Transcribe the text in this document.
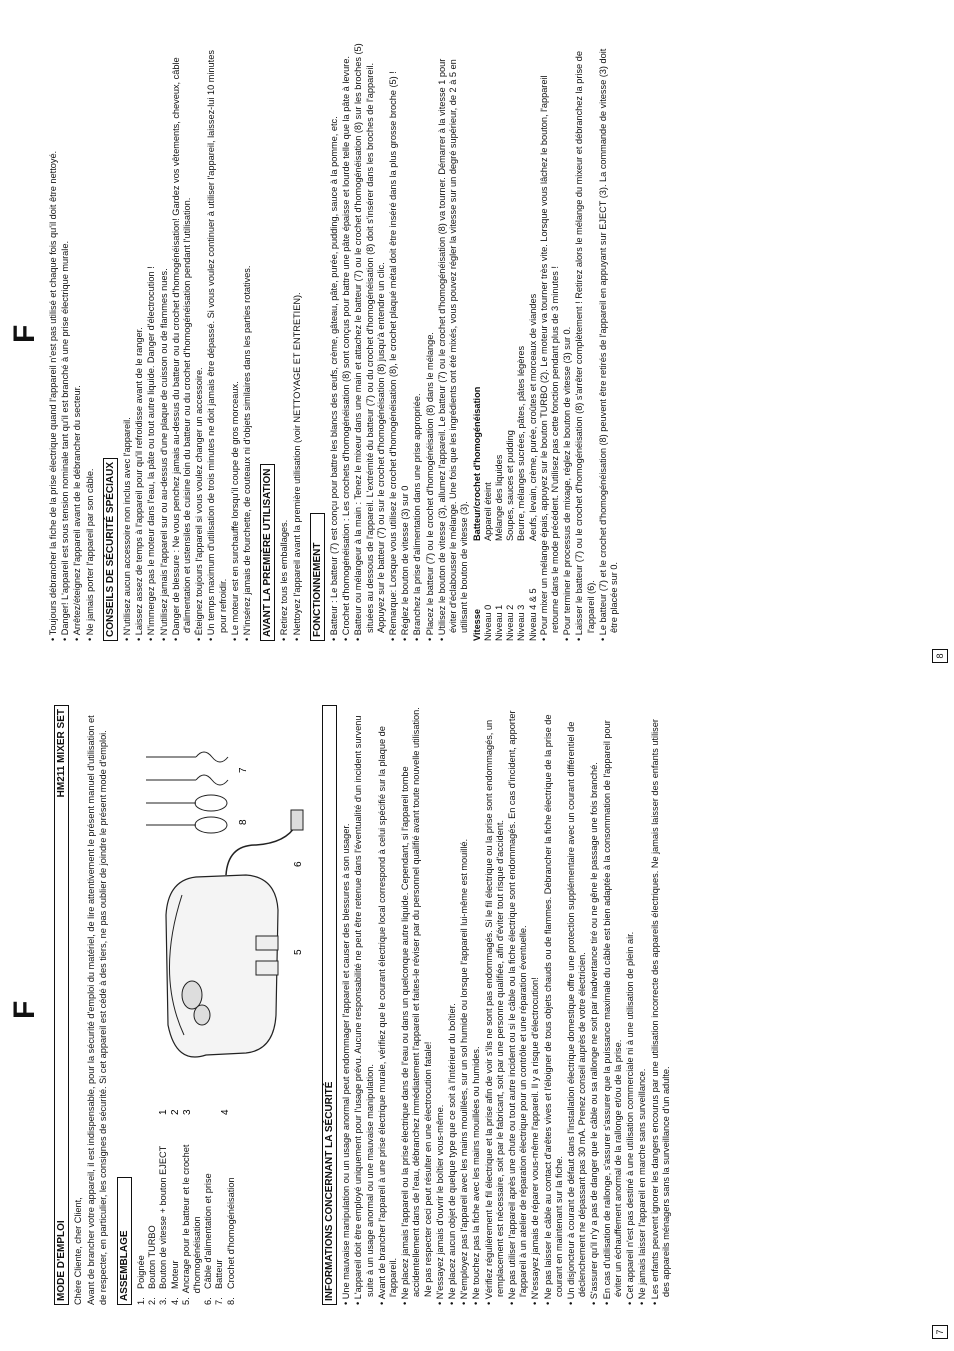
F
MODE D'EMPLOI
HM211 MIXER SET

Chère Cliente, cher Client, Avant de brancher votre appareil, il est indispensable, pour la sécurité d'emploi du matériel, de lire attentivement le présent manuel d'utilisation et de respecter, en particulier, les consignes de sécurité. Si cet appareil est cédé à des tiers, ne pas oublier de joindre le présent mode d'emploi. ASSEMBLAGE
1.
Poignée
2.
Bouton TURBO
3.
Bouton de vitesse + bouton EJECT
4.
Moteur
5.
Ancrage pour le batteur et le crochet d'homogénéisation
6.
Câble d'alimentation et prise
7.
Batteur
8.
Crochet d'homogénéisation
1 2 3	4
5
6
7
8
INFORMATIONS CONCERNANT LA SÉCURITÉ • Une mauvaise manipulation ou un usage anormal peut endommager l'appareil et causer des blessures à son usager. • L'appareil doit être employé uniquement pour l'usage prévu. Aucune responsabilité ne peut être retenue dans l'éventualité d'un incident survenu suite à un usage anormal ou une mauvaise manipulation. • Avant de brancher l'appareil à une prise électrique murale, vérifiez que le courant électrique local correspond à celui spécifié sur la plaque de l'appareil. • Ne placez jamais l'appareil ou la prise électrique dans de l'eau ou dans un quelconque autre liquide. Cependant, si l'appareil tombe accidentellement dans de l'eau, débranchez immédiatement l'appareil et faites-le réviser par du personnel qualifié avant toute nouvelle utilisation. Ne pas respecter ceci peut résulter en une électrocution fatale! • N'essayez jamais d'ouvrir le boîtier vous-même. • Ne placez aucun objet de quelque type que ce soit à l'intérieur du boîtier. • N'employez pas l'appareil avec les mains mouillées, sur un sol humide ou lorsque l'appareil lui-même est mouillé. • Ne touchez pas la fiche avec les mains mouillées ou humides. • Vérifiez régulièrement le fil électrique et la prise afin de voir s'ils ne sont pas endommagés. Si le fil électrique ou la prise sont endommagés, un remplacement est nécessaire, soit par le fabricant, soit par une personne qualifiée, afin d'éviter tout risque d'accident. • Ne pas utiliser l'appareil après une chute ou tout autre incident ou si le câble ou la fiche électrique sont endommagés. En cas d'incident, apporter l'appareil à un atelier de réparation électrique pour un contrôle et une réparation éventuelle. • N'essayez jamais de réparer vous-même l'appareil. Il y a risque d'électrocution! • Ne pas laisser le câble au contact d'arêtes vives et l'éloigner de tous objets chauds ou de flammes. Débrancher la fiche électrique de la prise de courant en maintenant sur la fiche. • Un disjoncteur à courant de défaut dans l'installation électrique domestique offre une protection supplémentaire avec un courant différentiel de déclenchement ne dépassant pas 30 mA. Prenez conseil auprès de votre électricien. • S'assurer qu'il n'y a pas de danger que le câble ou sa rallonge ne soit par inadvertance tiré ou ne gêne le passage une fois branché. • En cas d'utilisation de rallonge, s'assurer s'assurer que la puissance maximale du câble est bien adaptée à la consommation de l'appareil pour éviter un échauffement anormal de la rallonge et/ou de la prise. • Cet appareil n'est pas destiné à une utilisation commerciale ni à une utilisation de plein air. • Ne jamais laisser l'appareil en marche sans surveillance. • Les enfants peuvent ignorer les dangers encourus par une utilisation incorrecte des appareils électriques. Ne jamais laisser des enfants utiliser des appareils ménagers sans la surveillance d'un adulte.
7
F • Toujours débrancher la fiche de la prise électrique quand l'appareil n'est pas utilisé et chaque fois qu'il doit être nettoyé. • Danger! L'appareil est sous tension nominale tant qu'il est branché à une prise électrique murale. • Arrêtez/éteignez l'appareil avant de le débrancher du secteur. • Ne jamais porter l'appareil par son câble. CONSEILS DE SÉCURITÉ SPÉCIAUX • N'utilisez aucun accessoire non inclus avec l'appareil. • Laissez assez de temps à l'appareil pour qu'il refroidisse avant de le ranger. • N'immergez pas le moteur dans l'eau, la pâte ou tout autre liquide. Danger d'électrocution ! • N'utilisez jamais l'appareil sur ou au-dessus d'une plaque de cuisson ou de flammes nues. • Danger de blessure : Ne vous penchez jamais au-dessus du batteur ou du crochet d'homogénéisation! Gardez vos vêtements, cheveux, câble d'alimentation et ustensiles de cuisine loin du batteur ou du crochet d'homogénéisation pendant l'utilisation. • Éteignez toujours l'appareil si vous voulez changer un accessoire. • Un temps maximum d'utilisation de trois minutes ne doit jamais être dépassé. Si vous voulez continuer à utiliser l'appareil, laissez-lui 10 minutes pour refroidir. • Le moteur est en surchauffe lorsqu'il coupe de gros morceaux. • N'insérez jamais de fourchette, de couteaux ni d'objets similaires dans les parties rotatives. AVANT LA PREMIÈRE UTILISATION • Retirez tous les emballages. • Nettoyez l'appareil avant la première utilisation (voir NETTOYAGE ET ENTRETIEN). FONCTIONNEMENT • Batteur : Le batteur (7) est conçu pour battre les blancs des œufs, crème, gâteau, pâte, purée, pudding, sauce à la pomme, etc. • Crochet d'homogénéisation : Les crochets d'homogénéisation (8) sont conçus pour battre une pâte épaisse et lourde telle que la pâte à levure. • Batteur ou mélangeur à la main : Tenez le mixeur dans une main et attachez le batteur (7) ou le crochet d'homogénéisation (8) sur les broches (5) situées au dessous de l'appareil. L'extrémité du batteur (7) ou du crochet d'homogénéisation (8) doit s'insérer dans les broches de l'appareil. Appuyez sur le batteur (7) ou sur le crochet d'homogénéisation (8) jusqu'à entendre un clic. • Remarque: Lorsque vous utilisez le crochet d'homogénéisation (8), le crochet plaqué métal doit être inséré dans la plus grosse broche (5) ! • Réglez le bouton de vitesse (3) sur 0 • Branchez la prise d'alimentation dans une prise appropriée. • Placez le batteur (7) ou le crochet d'homogénéisation (8) dans le mélange. • Utilisez le bouton de vitesse (3), allumez l'appareil. Le batteur (7) ou le crochet d'homogénéisation (8) va tourner. Démarrer à la vitesse 1 pour éviter d'éclabousser le mélange. Une fois que les ingrédients ont été mixés, vous pouvez régler la vitesse sur un degré supérieur, de 2 à 5 en utilisant le bouton de vitesse (3). Vitesse
Batteur/crochet d'homogénéisation
Niveau 0
Appareil éteint
Niveau 1
Mélange des liquides
Niveau 2
Soupes, sauces et pudding
Niveau 3
Beurre, mélanges sucrées, pâtes, pâtes légères
Niveau 4 & 5
Aeufs, levain, crème, purée, croûtes et morceaux de viandes • Pour mixer un mélange épais, appuyez sur le bouton TURBO (2). Le moteur va tourner très vite. Lorsque vous lâchez le bouton, l'appareil retourne dans le mode précédent. N'utilisez pas cette fonction pendant plus de 3 minutes ! • Pour terminer le processus de mixage, réglez le bouton de vitesse (3) sur 0. • Laisser le batteur (7) ou le crochet d'homogénéisation (8) s'arrêter complètement ! Retirez alors le mélange du mixeur et débranchez la prise de l'appareil (6). • Le batteur (7) et le crochet d'homogénéisation (8) peuvent être retirés de l'appareil en appuyant sur EJECT (3). La commande de vitesse (3) doit être placée sur 0.
8
